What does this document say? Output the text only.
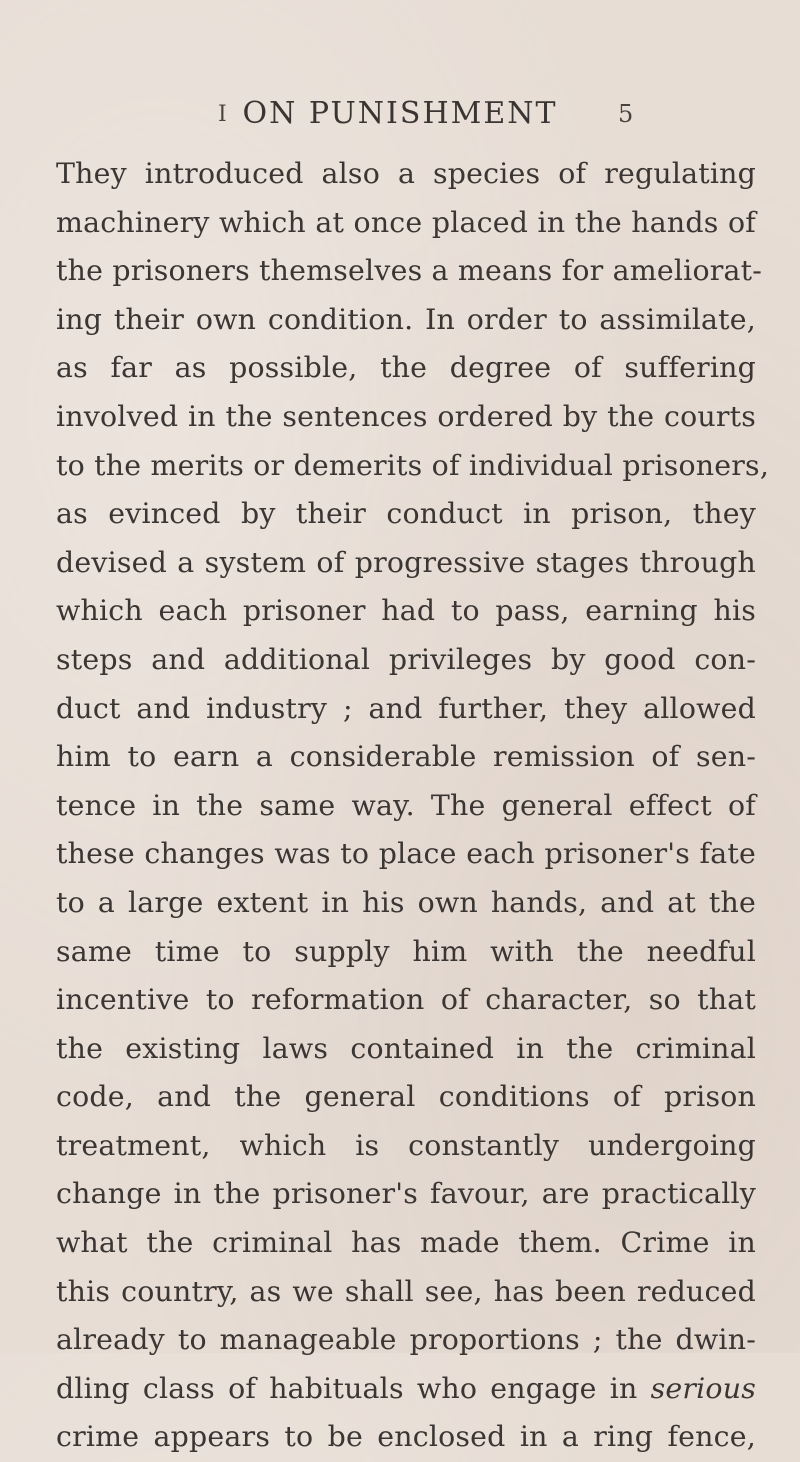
I ON PUNISHMENT	5
They introduced also a species of regulating
machinery which at once placed in the hands of
the prisoners themselves a means for ameliorat-
ing their own condition. In order to assimilate,
as far as possible, the degree of suffering
involved in the sentences ordered by the courts
to the merits or demerits of individual prisoners,
as evinced by their conduct in prison, they
devised a system of progressive stages through
which each prisoner had to pass, earning his
steps and additional privileges by good con-
duct and industry ; and further, they allowed
him to earn a considerable remission of sen-
tence in the same way. The general effect of
these changes was to place each prisoner's fate
to a large extent in his own hands, and at the
same time to supply him with the needful
incentive to reformation of character, so that
the existing laws contained in the criminal
code, and the general conditions of prison
treatment, which is constantly undergoing
change in the prisoner's favour, are practically
what the criminal has made them. Crime in
this country, as we shall see, has been reduced
already to manageable proportions ; the dwin-
dling class of habituals who engage in serious
crime appears to be enclosed in a ring fence,
